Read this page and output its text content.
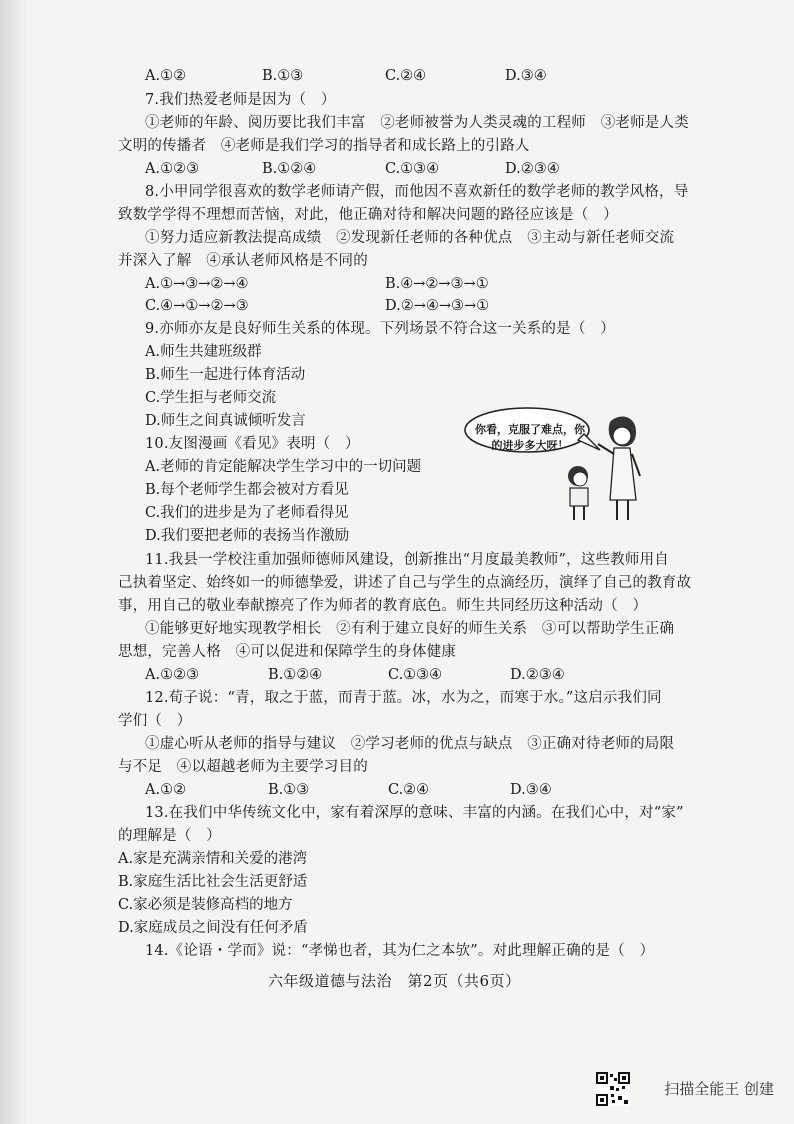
A.①②	B.①③	C.②④	D.③④
7.我们热爱老师是因为（　）
①老师的年龄、阅历要比我们丰富　②老师被誉为人类灵魂的工程师　③老师是人类
文明的传播者　④老师是我们学习的指导者和成长路上的引路人
A.①②③	B.①②④	C.①③④	D.②③④
8.小甲同学很喜欢的数学老师请产假，而他因不喜欢新任的数学老师的教学风格，导
致数学学得不理想而苦恼，对此，他正确对待和解决问题的路径应该是（　）
①努力适应新教法提高成绩　②发现新任老师的各种优点　③主动与新任老师交流
并深入了解　④承认老师风格是不同的
A.①→③→②→④	B.④→②→③→①
C.④→①→②→③	D.②→④→③→①
9.亦师亦友是良好师生关系的体现。下列场景不符合这一关系的是（　）
A.师生共建班级群
B.师生一起进行体育活动
C.学生拒与老师交流
D.师生之间真诚倾听发言
10.友图漫画《看见》表明（　）
A.老师的肯定能解决学生学习中的一切问题
B.每个老师学生都会被对方看见
C.我们的进步是为了老师看得见
D.我们要把老师的表扬当作激励
你看，克服了难点，你的进步多大呀！
11.我县一学校注重加强师德师风建设，创新推出“月度最美教师”，这些教师用自
己执着坚定、始终如一的师德挚爱，讲述了自己与学生的点滴经历，演绎了自己的教育故
事，用自己的敬业奉献擦亮了作为师者的教育底色。师生共同经历这种活动（　）
①能够更好地实现教学相长　②有利于建立良好的师生关系　③可以帮助学生正确
思想，完善人格　④可以促进和保障学生的身体健康
A.①②③	B.①②④	C.①③④	D.②③④
12.荀子说：“青，取之于蓝，而青于蓝。冰，水为之，而寒于水。”这启示我们同
学们（　）
①虚心听从老师的指导与建议　②学习老师的优点与缺点　③正确对待老师的局限
与不足　④以超越老师为主要学习目的
A.①②	B.①③	C.②④	D.③④
13.在我们中华传统文化中，家有着深厚的意味、丰富的内涵。在我们心中，对“家”
的理解是（　）
A.家是充满亲情和关爱的港湾
B.家庭生活比社会生活更舒适
C.家必须是装修高档的地方
D.家庭成员之间没有任何矛盾
14.《论语・学而》说：“孝悌也者，其为仁之本欤”。对此理解正确的是（　）
六年级道德与法治　第2页（共6页）
扫描全能王 创建
